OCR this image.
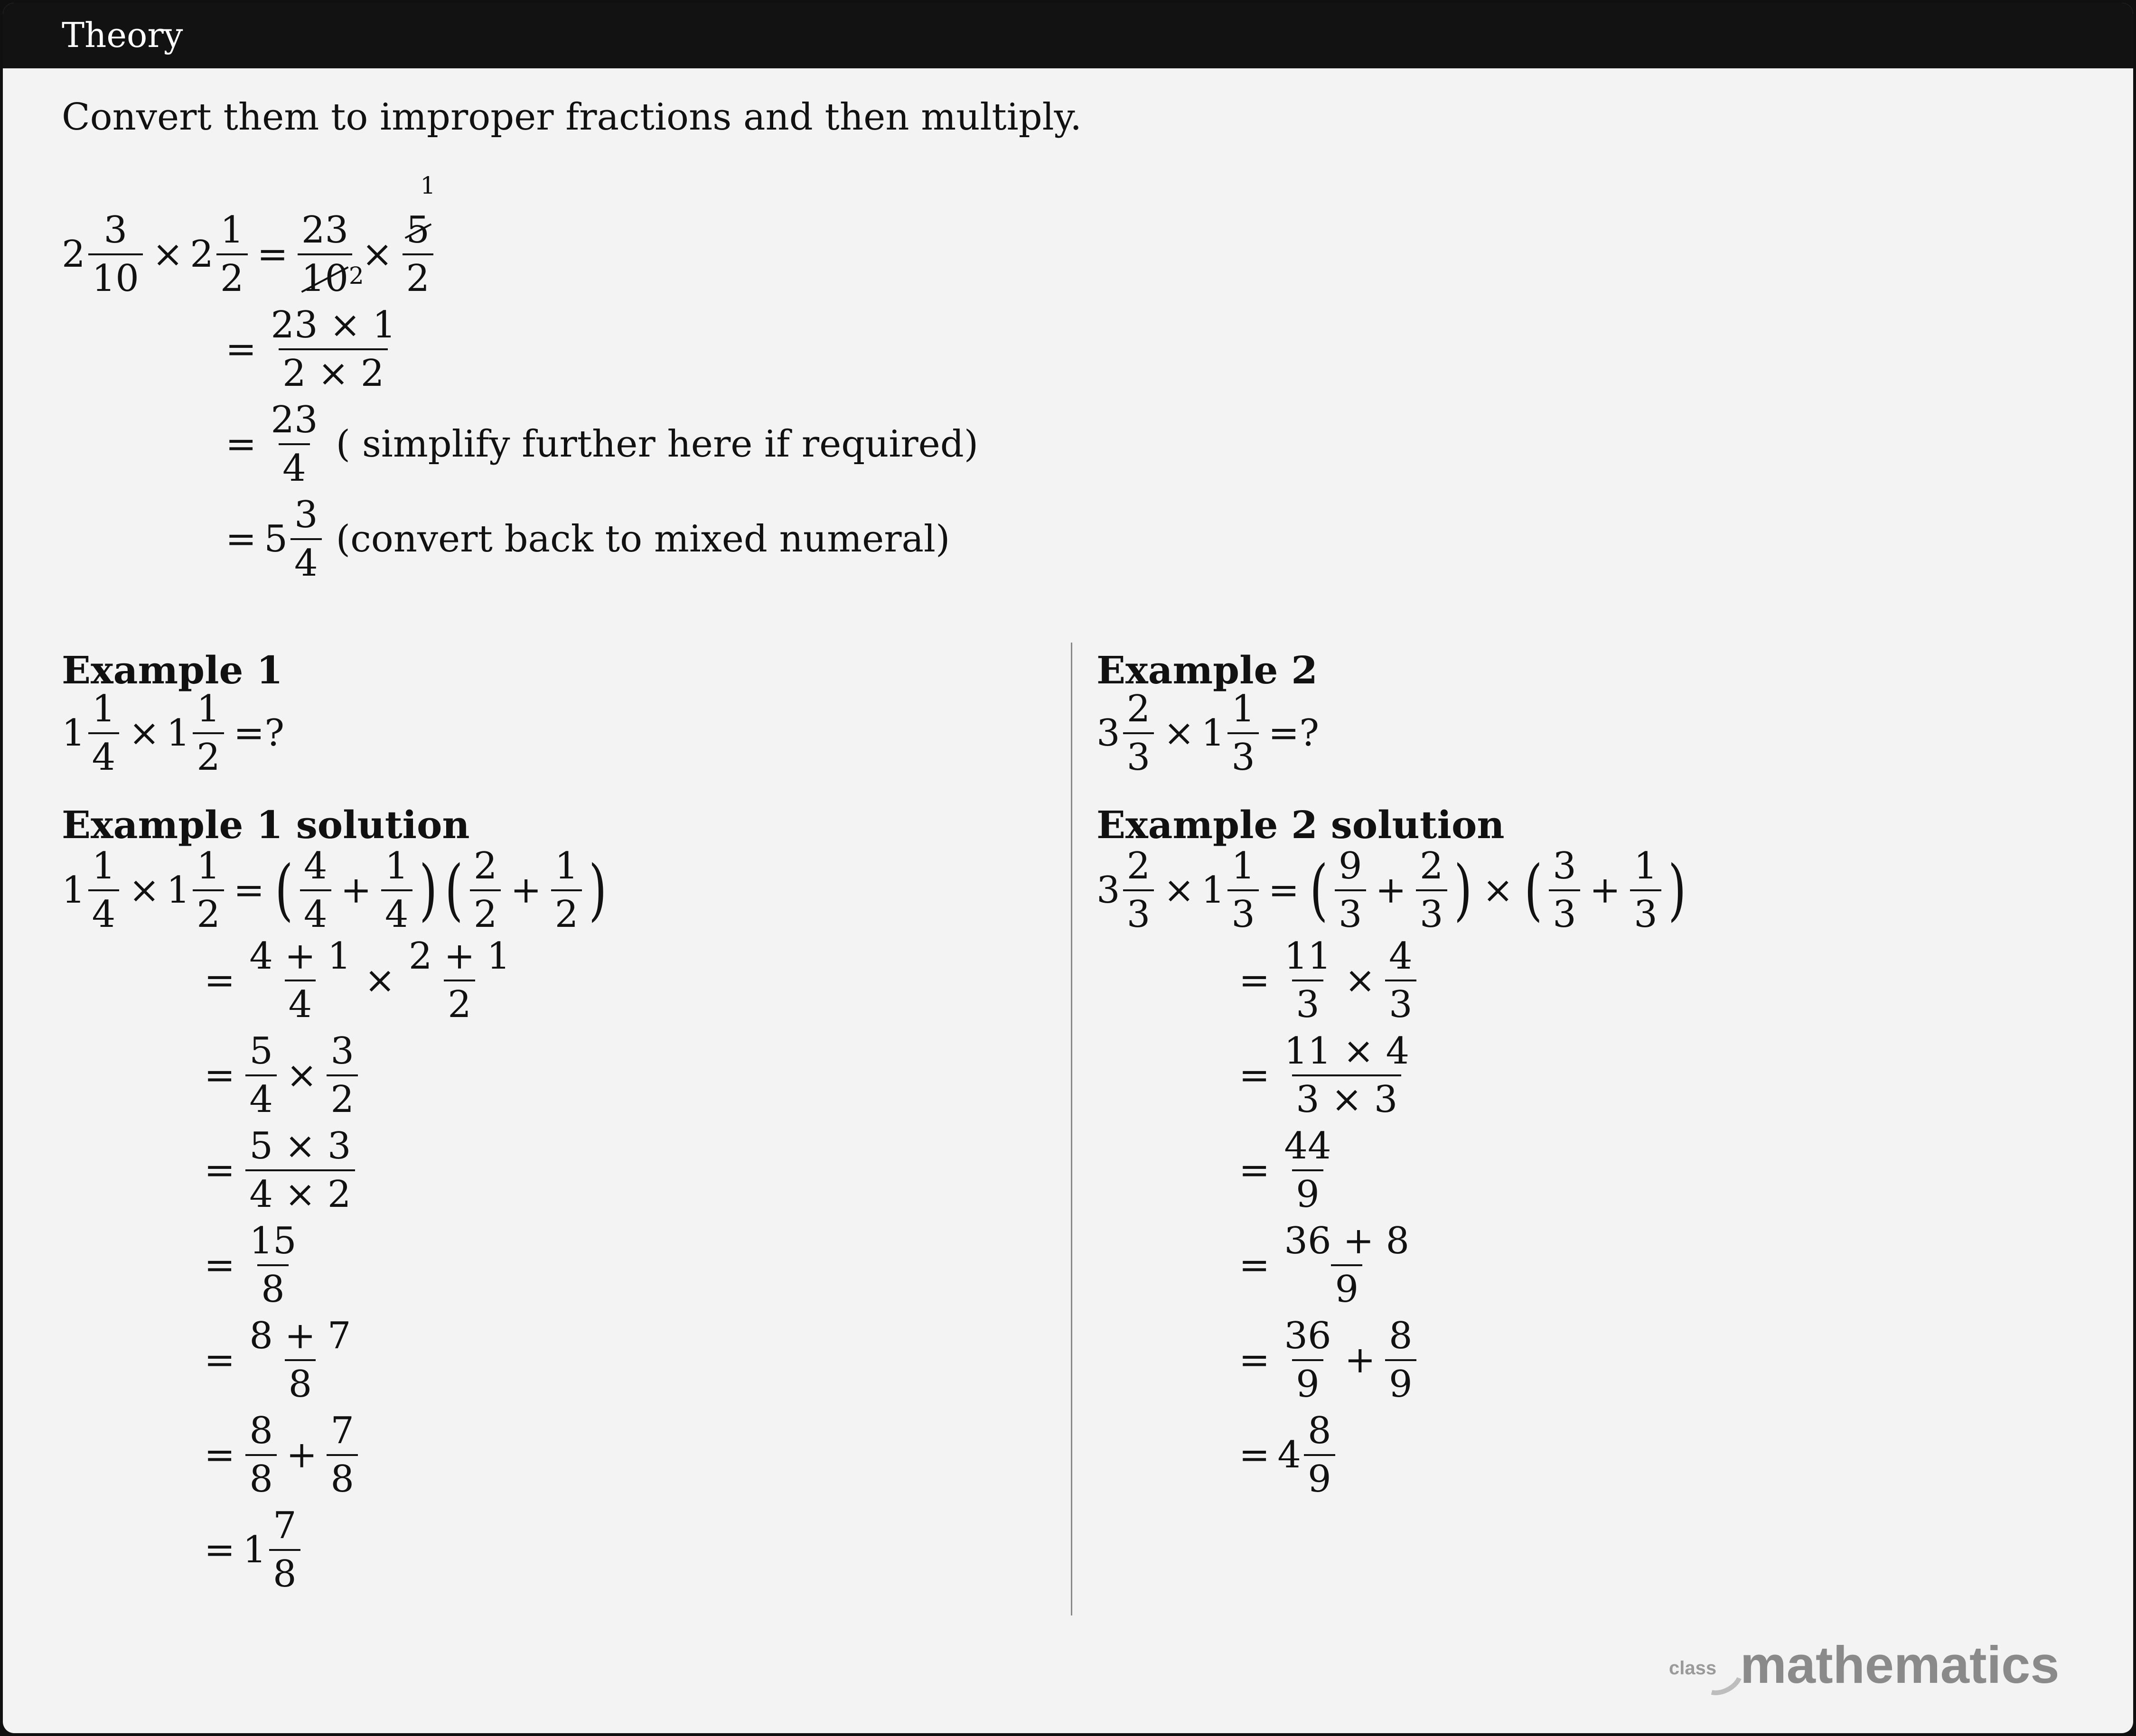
Theory
Convert them to improper fractions and then multiply.
$2 \frac{3}{10} \times 2 \frac{1}{2}$ =
23
10 2
×
5
2
1
= $\frac{23 \times 1}{2 \times 2}$
= $\frac{23}{4}$ ( simplify further here if required)
= $5 \frac{3}{4}$ (convert back to mixed numeral)
Example 1
$1 \frac{1}{4} \times 1 \frac{1}{2}$ =?
Example 1 solution
$1 \frac{1}{4} \times 1 \frac{1}{2}$ = ( $\frac{4}{4} + \frac{1}{4}$ ) ( $\frac{2}{2} + \frac{1}{2}$ )
= $\frac{4 + 1}{4} \times \frac{2 + 1}{2}$
= $\frac{5}{4} \times \frac{3}{2}$
= $\frac{5 \times 3}{4 \times 2}$
= $\frac{15}{8}$
= $\frac{8 + 7}{8}$
= $\frac{8}{8} + \frac{7}{8}$
= $1 \frac{7}{8}$
Example 2
$3 \frac{2}{3} \times 1 \frac{1}{3}$ =?
Example 2 solution
$3 \frac{2}{3} \times 1 \frac{1}{3}$ = ( $\frac{9}{3} + \frac{2}{3}$ ) × ( $\frac{3}{3} + \frac{1}{3}$ )
= $\frac{11}{3} \times \frac{4}{3}$
= $\frac{11 \times 4}{3 \times 3}$
= $\frac{44}{9}$
= $\frac{36 + 8}{9}$
= $\frac{36}{9} + \frac{8}{9}$
= $4 \frac{8}{9}$
class mathematics
